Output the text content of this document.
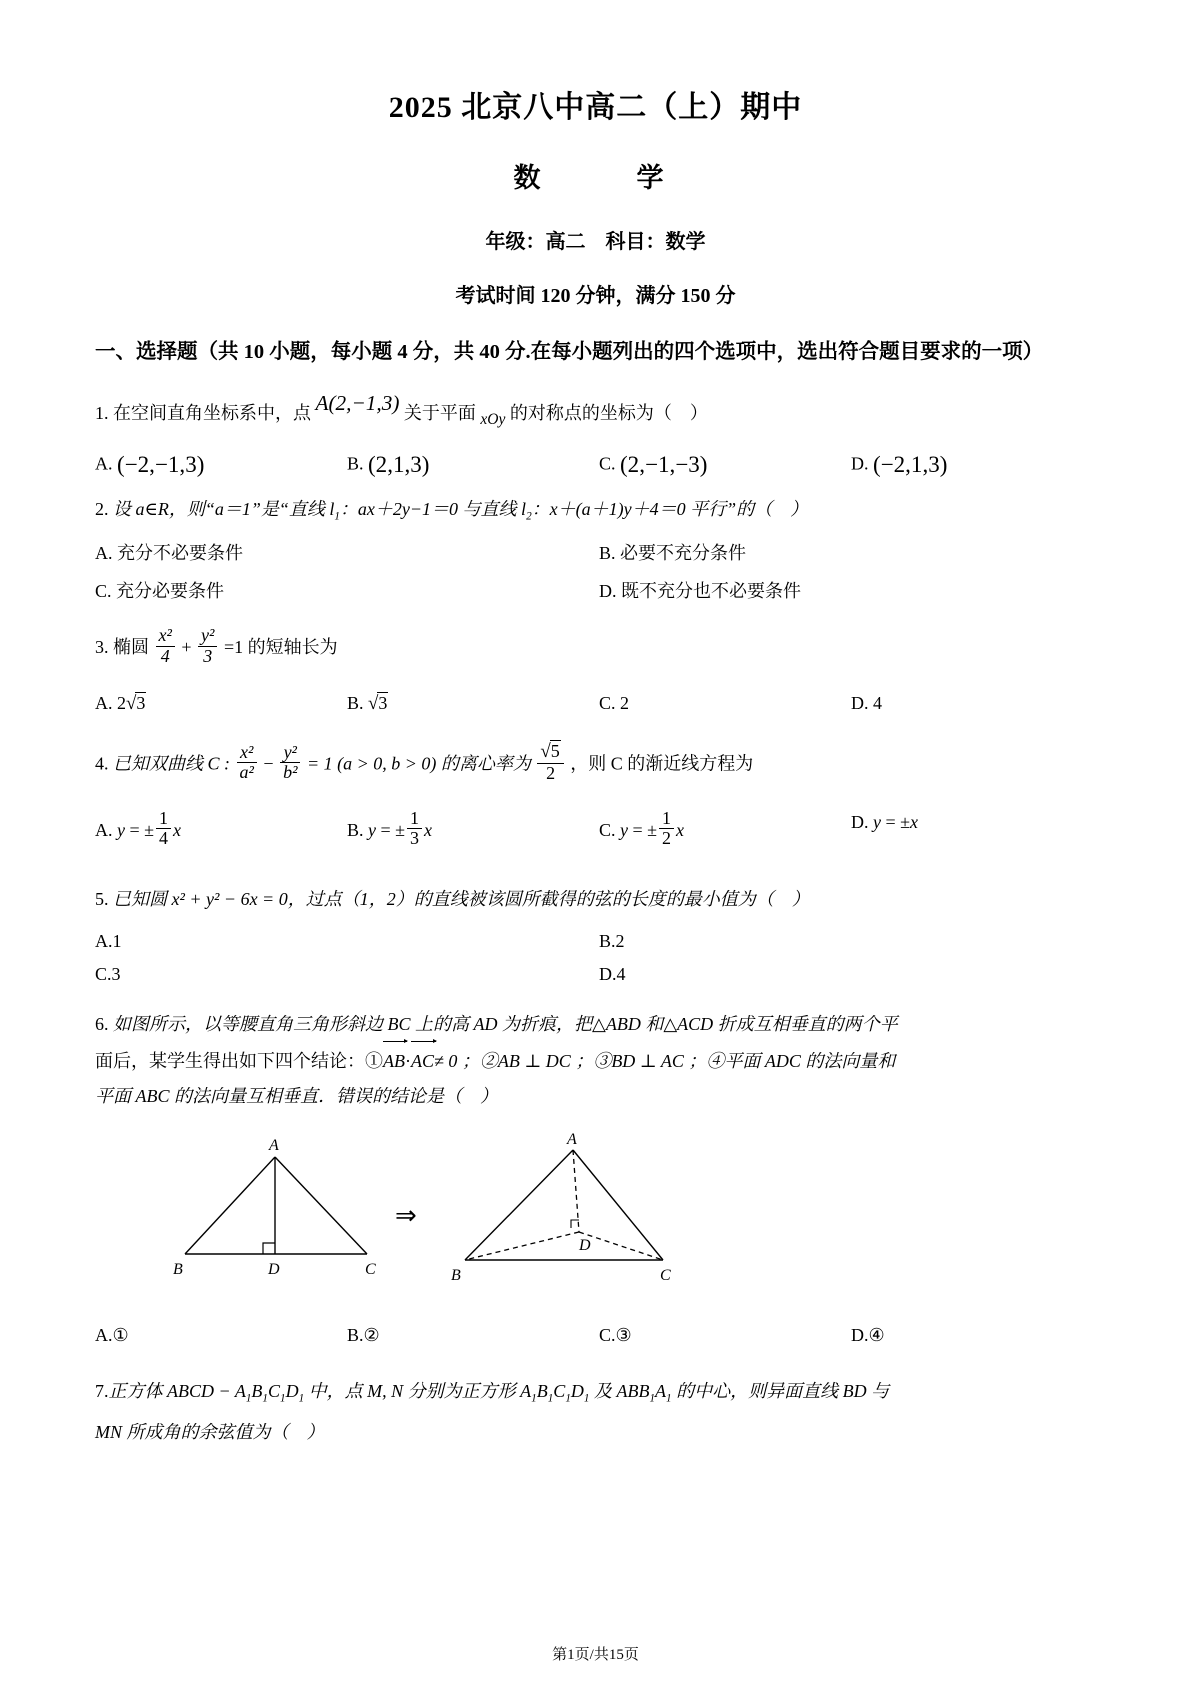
2025 北京八中高二（上）期中
数　　学
年级：高二　科目：数学
考试时间 120 分钟，满分 150 分
一、选择题（共 10 小题，每小题 4 分，共 40 分.在每小题列出的四个选项中，选出符合题目要求的一项）
1. 在空间直角坐标系中，点 A(2,−1,3) 关于平面 xOy 的对称点的坐标为（　）
A. (−2,−1,3)	B. (2,1,3)	C. (2,−1,−3)	D. (−2,1,3)
2. 设 a∈R，则“a＝1”是“直线 $l_1$：ax＋2y−1＝0 与直线 $l_2$：x＋(a＋1)y＋4＝0 平行”的（　）
A. 充分不必要条件	B. 必要不充分条件
C. 充分必要条件	D. 既不充分也不必要条件
3. 椭圆 $\frac{\text{x²}}{4} + \frac{\text{y²}}{3} =1$ 的短轴长为
A. 2√3	B. √3	C. 2	D. 4
4. 已知双曲线 C : $\frac{\text{x²}}{\text{a²}} - \frac{\text{y²}}{\text{b²}} = 1$ (a > 0, b > 0) 的离心率为 $\frac{√5}{2}$ ，则 C 的渐近线方程为
A. y = ± $\frac{1}{4}$ x	B. y = ± $\frac{1}{3}$ x	C. y = ± $\frac{1}{2}$ x	D. y = ±x
5. 已知圆 x² + y² − 6x = 0，过点（1，2）的直线被该圆所截得的弦的长度的最小值为（　）
A.1	B.2
C.3	D.4
6. 如图所示，以等腰直角三角形斜边 BC 上的高 AD 为折痕，把△ABD 和△ACD 折成互相垂直的两个平
面后，某学生得出如下四个结论：①
AB·
AC≠ 0 ；②AB ⊥ DC ；③BD ⊥ AC ；④平面 ADC 的法向量和
平面 ABC 的法向量互相垂直．错误的结论是（　）
A
B	D	C
⇒
A
D
B	C
A.①	B.②	C.③	D.④
7.正方体 ABCD − $A_1B_1C_1D_1$ 中，点 M, N 分别为正方形 $A_1B_1C_1D_1$ 及 $ABB_1A_1$ 的中心，则异面直线 BD 与
MN 所成角的余弦值为（　）
第1页/共15页
